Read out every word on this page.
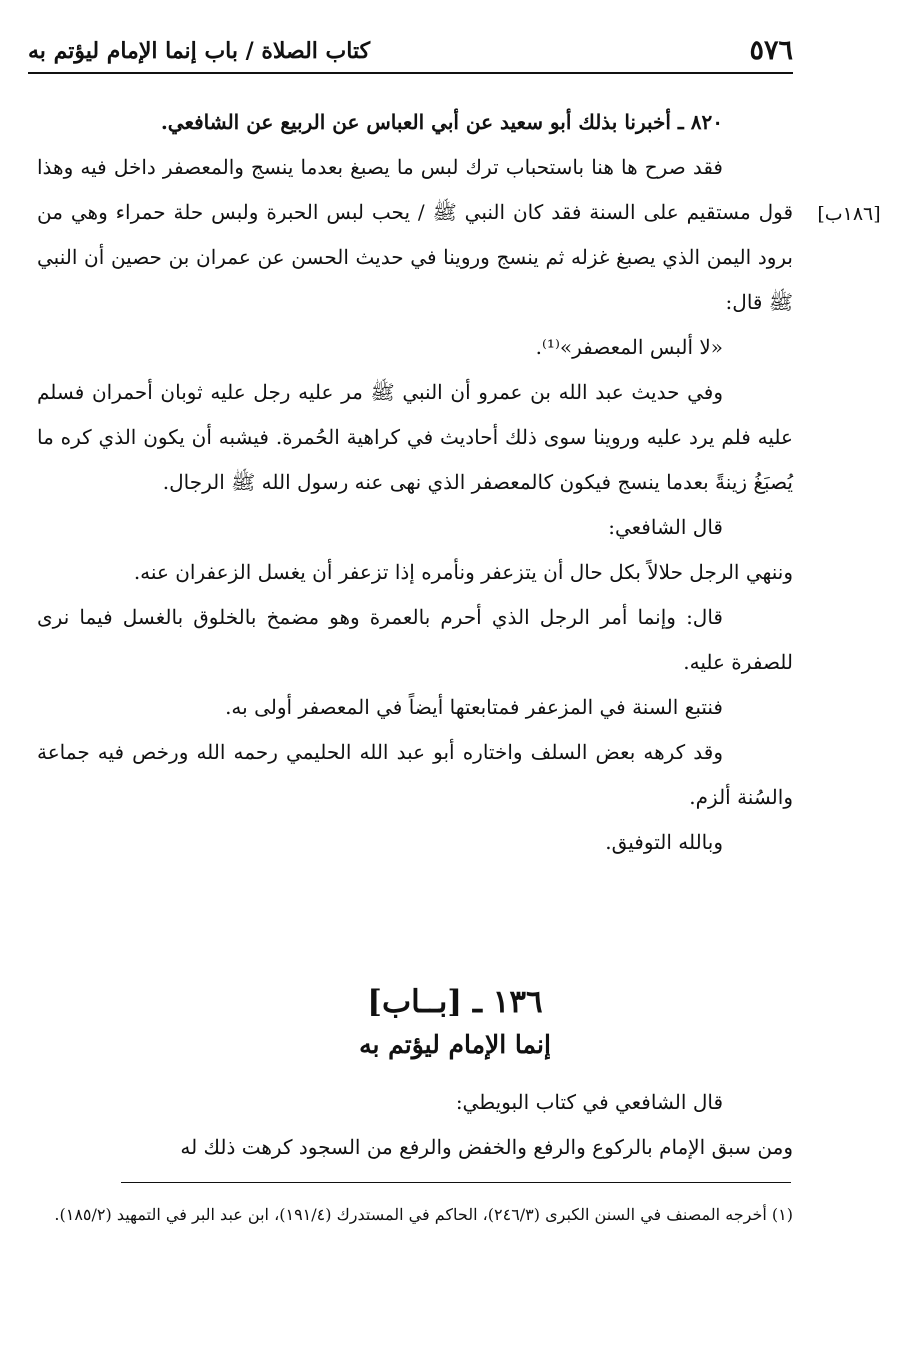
٥٧٦
كتاب الصلاة / باب إنما الإمام ليؤتم به
[١٨٦ب]

٨٢٠ ـ أخبرنا بذلك أبو سعيد عن أبي العباس عن الربيع عن الشافعي.

فقد صرح ها هنا باستحباب ترك لبس ما يصبغ بعدما ينسج والمعصفر داخل فيه وهذا قول مستقيم على السنة فقد كان النبي ﷺ / يحب لبس الحبرة ولبس حلة حمراء وهي من برود اليمن الذي يصبغ غزله ثم ينسج وروينا في حديث الحسن عن عمران بن حصين أن النبي ﷺ قال:

«لا ألبس المعصفر»⁽¹⁾.

وفي حديث عبد الله بن عمرو أن النبي ﷺ مر عليه رجل عليه ثوبان أحمران فسلم عليه فلم يرد عليه وروينا سوى ذلك أحاديث في كراهية الحُمرة. فيشبه أن يكون الذي كره ما يُصبَغُ زينةً بعدما ينسج فيكون كالمعصفر الذي نهى عنه رسول الله ﷺ الرجال.

قال الشافعي:

وننهي الرجل حلالاً بكل حال أن يتزعفر ونأمره إذا تزعفر أن يغسل الزعفران عنه.

قال: وإنما أمر الرجل الذي أحرم بالعمرة وهو مضمخ بالخلوق بالغسل فيما نرى للصفرة عليه.

فنتبع السنة في المزعفر فمتابعتها أيضاً في المعصفر أولى به.

وقد كرهه بعض السلف واختاره أبو عبد الله الحليمي رحمه الله ورخص فيه جماعة والسُنة ألزم.

وبالله التوفيق.

١٣٦ ـ [بــاب]
إنما الإمام ليؤتم به

قال الشافعي في كتاب البويطي:

ومن سبق الإمام بالركوع والرفع والخفض والرفع من السجود كرهت ذلك له

(١) أخرجه المصنف في السنن الكبرى (٢٤٦/٣)، الحاكم في المستدرك (١٩١/٤)، ابن عبد البر في التمهيد (١٨٥/٢).
